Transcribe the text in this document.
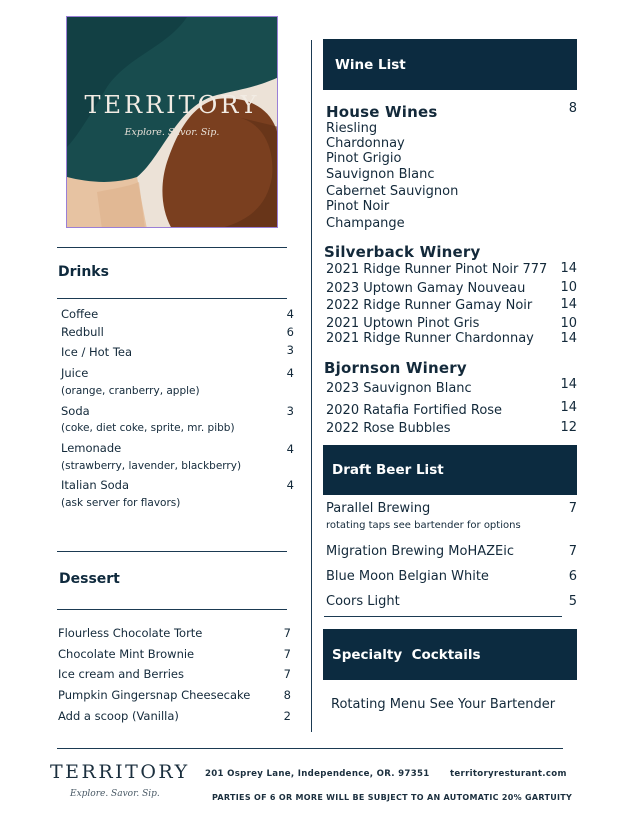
TERRITORY
Explore. Savor. Sip.
Drinks
Coffee	4
Redbull	6
Ice / Hot Tea	3
Juice	4
(orange, cranberry, apple)
Soda	3
(coke, diet coke, sprite, mr. pibb)
Lemonade	4
(strawberry, lavender, blackberry)
Italian Soda	4
(ask server for flavors)
Dessert
Flourless Chocolate Torte	7
Chocolate Mint Brownie	7
Ice cream and Berries	7
Pumpkin Gingersnap Cheesecake	8
Add a scoop (Vanilla)	2
Wine List
House Wines	8
Riesling
Chardonnay
Pinot Grigio
Sauvignon Blanc
Cabernet Sauvignon
Pinot Noir
Champange
Silverback Winery
2021 Ridge Runner Pinot Noir 777	14
2023 Uptown Gamay Nouveau	10
2022 Ridge Runner Gamay Noir	14
2021 Uptown Pinot Gris	10
2021 Ridge Runner Chardonnay	14
Bjornson Winery
2023 Sauvignon Blanc	14
2020 Ratafia Fortified Rose	14
2022 Rose Bubbles	12
Draft Beer List
Parallel Brewing	7
rotating taps see bartender for options
Migration Brewing MoHAZEic	7
Blue Moon Belgian White	6
Coors Light	5
Specialty  Cocktails
Rotating Menu See Your Bartender
TERRITORY
Explore. Savor. Sip.
201 Osprey Lane, Independence, OR. 97351 territoryresturant.com
PARTIES OF 6 OR MORE WILL BE SUBJECT TO AN AUTOMATIC 20% GARTUITY
